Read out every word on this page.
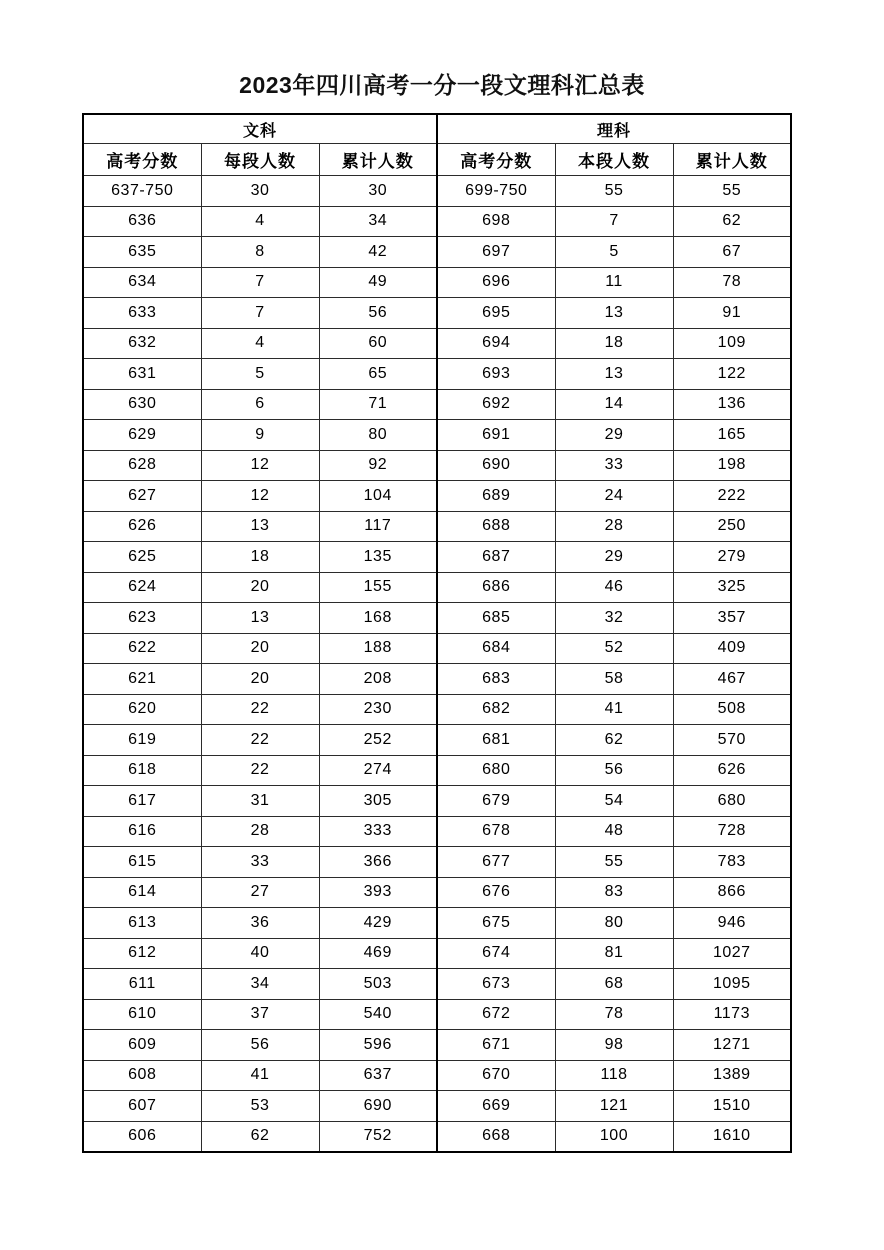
2023年四川高考一分一段文理科汇总表
文科			理科		
高考分数	每段人数	累计人数	高考分数	本段人数	累计人数
637-750	30	30	699-750	55	55
636	4	34	698	7	62
635	8	42	697	5	67
634	7	49	696	11	78
633	7	56	695	13	91
632	4	60	694	18	109
631	5	65	693	13	122
630	6	71	692	14	136
629	9	80	691	29	165
628	12	92	690	33	198
627	12	104	689	24	222
626	13	117	688	28	250
625	18	135	687	29	279
624	20	155	686	46	325
623	13	168	685	32	357
622	20	188	684	52	409
621	20	208	683	58	467
620	22	230	682	41	508
619	22	252	681	62	570
618	22	274	680	56	626
617	31	305	679	54	680
616	28	333	678	48	728
615	33	366	677	55	783
614	27	393	676	83	866
613	36	429	675	80	946
612	40	469	674	81	1027
611	34	503	673	68	1095
610	37	540	672	78	1173
609	56	596	671	98	1271
608	41	637	670	118	1389
607	53	690	669	121	1510
606	62	752	668	100	1610
